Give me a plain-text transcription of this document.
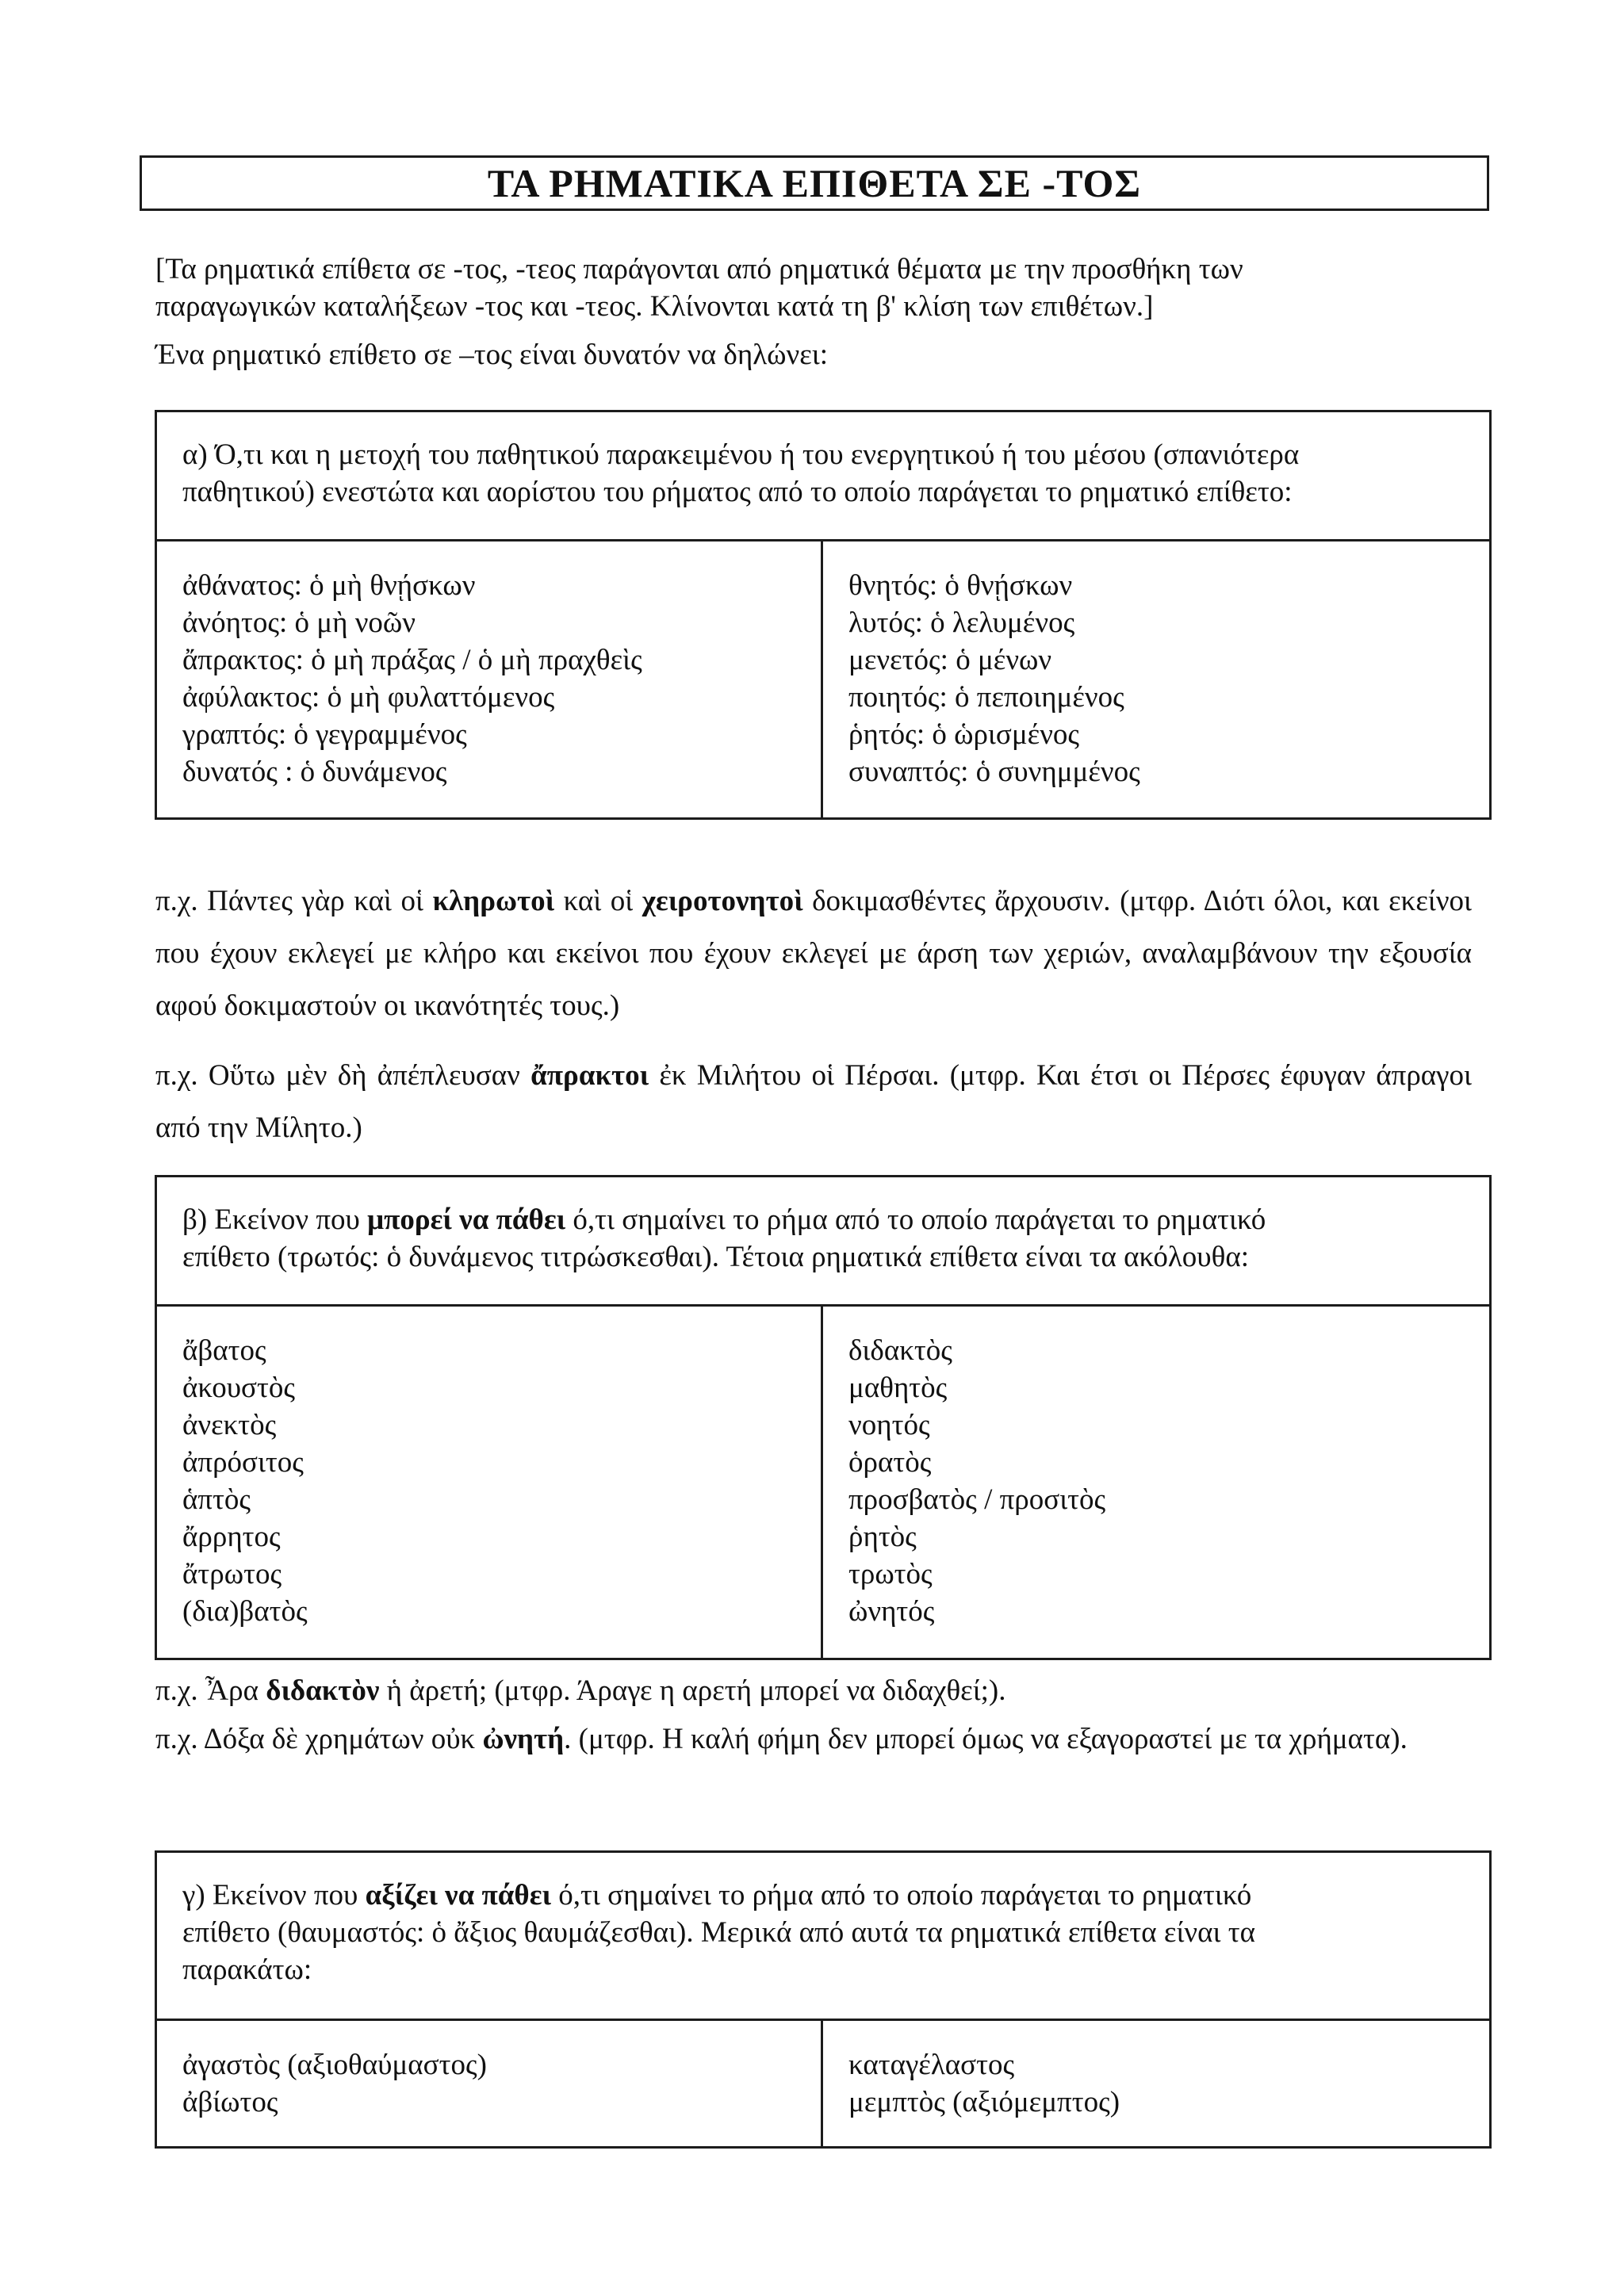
ΤΑ ΡΗΜΑΤΙΚΑ ΕΠΙΘΕΤΑ ΣΕ -ΤΟΣ
[Τα ρηματικά επίθετα σε -τος, -τεος παράγονται από ρηματικά θέματα με την προσθήκη των
παραγωγικών καταλήξεων -τος και -τεος. Κλίνονται κατά τη β' κλίση των επιθέτων.]
Ένα ρηματικό επίθετο σε –τος είναι δυνατόν να δηλώνει:
α) Ό,τι και η μετοχή του παθητικού παρακειμένου ή του ενεργητικού ή του μέσου (σπανιότερα
παθητικού) ενεστώτα και αορίστου του ρήματος από το οποίο παράγεται το ρηματικό επίθετο:
ἀθάνατος: ὁ μὴ θνῄσκων
ἀνόητος: ὁ μὴ νοῶν
ἄπρακτος: ὁ μὴ πράξας / ὁ μὴ πραχθεὶς
ἀφύλακτος: ὁ μὴ φυλαττόμενος
γραπτός: ὁ γεγραμμένος
δυνατός : ὁ δυνάμενος
θνητός: ὁ θνῄσκων
λυτός: ὁ λελυμένος
μενετός: ὁ μένων
ποιητός: ὁ πεποιημένος
ῥητός: ὁ ὡρισμένος
συναπτός: ὁ συνημμένος
π.χ. Πάντες γὰρ καὶ οἱ κληρωτοὶ καὶ οἱ χειροτονητοὶ δοκιμασθέντες ἄρχουσιν. (μτφρ. Διότι όλοι, και εκείνοι που έχουν εκλεγεί με κλήρο και εκείνοι που έχουν εκλεγεί με άρση των χεριών, αναλαμβάνουν την εξουσία αφού δοκιμαστούν οι ικανότητές τους.)
π.χ. Οὕτω μὲν δὴ ἀπέπλευσαν ἄπρακτοι ἐκ Μιλήτου οἱ Πέρσαι. (μτφρ. Και έτσι οι Πέρσες έφυγαν άπραγοι από την Μίλητο.)
β) Εκείνον που μπορεί να πάθει ό,τι σημαίνει το ρήμα από το οποίο παράγεται το ρηματικό
επίθετο (τρωτός: ὁ δυνάμενος τιτρώσκεσθαι). Τέτοια ρηματικά επίθετα είναι τα ακόλουθα:
ἄβατος
ἀκουστὸς
ἀνεκτὸς
ἀπρόσιτος
ἁπτὸς
ἄρρητος
ἄτρωτος
(δια)βατὸς
διδακτὸς
μαθητὸς
νοητός
ὁρατὸς
προσβατὸς / προσιτὸς
ῥητὸς
τρωτὸς
ὠνητός
π.χ. Ἆρα διδακτὸν ἡ ἀρετή; (μτφρ. Άραγε η αρετή μπορεί να διδαχθεί;).
π.χ. Δόξα δὲ χρημάτων οὐκ ὠνητή. (μτφρ. Η καλή φήμη δεν μπορεί όμως να εξαγοραστεί με τα χρήματα).
γ) Εκείνον που αξίζει να πάθει ό,τι σημαίνει το ρήμα από το οποίο παράγεται το ρηματικό
επίθετο (θαυμαστός: ὁ ἄξιος θαυμάζεσθαι). Μερικά από αυτά τα ρηματικά επίθετα είναι τα
παρακάτω:
ἀγαστὸς (αξιοθαύμαστος)
ἀβίωτος
καταγέλαστος
μεμπτὸς (αξιόμεμπτος)
